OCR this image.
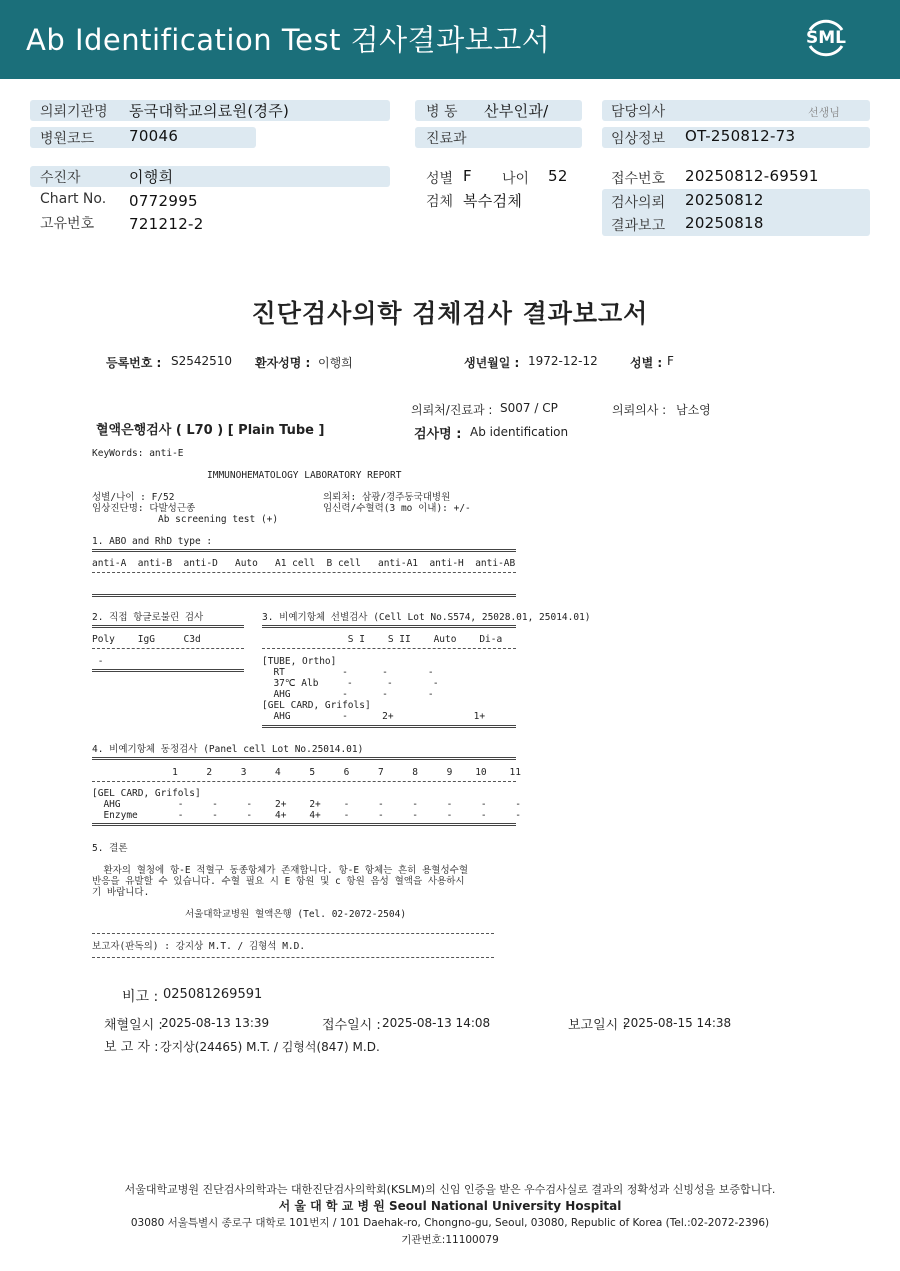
Ab Identification Test 검사결과보고서	SML
의뢰기관명 동국대학교의료원(경주)
병원코드 70046
병 동 산부인과/
진료과
담당의사	선생님
임상정보 OT-250812-73
수진자	이행희
Chart No. 0772995
고유번호 721212-2
성별 F 나이 52
검체 복수검체
접수번호 20250812-69591
검사의뢰 20250812
결과보고 20250818
진단검사의학 검체검사 결과보고서
등록번호 : S2542510 환자성명 : 이행희	생년월일 : 1972-12-12	성별 : F
의뢰처/진료과 : S007 / CP	의뢰의사 : 남소영
혈액은행검사 ( L70 ) [ Plain Tube ]	검사명 : Ab identification
KeyWords: anti-E
IMMUNOHEMATOLOGY LABORATORY REPORT
성별/나이 : F/52	의뢰처: 삼광/경주동국대병원
임상진단명: 다발성근종	임신력/수혈력(3 mo 이내): +/-
Ab screening test (+)
1. ABO and RhD type :
anti-A  anti-B  anti-D   Auto   A1 cell  B cell   anti-A1  anti-H  anti-AB
2. 직접 항글로불린 검사
Poly    IgG     C3d
-
3. 비예기항체 선별검사 (Cell Lot No.S574, 25028.01, 25014.01)
S I    S II    Auto    Di-a
[TUBE, Ortho]
RT          -      -       -
37℃ Alb     -      -       -
AHG         -      -       -
[GEL CARD, Grifols]
AHG         -      2+              1+
4. 비예기항체 동정검사 (Panel cell Lot No.25014.01)
1     2     3     4     5     6     7     8     9    10    11
[GEL CARD, Grifols]
AHG          -     -     -    2+    2+    -     -     -     -     -     -
Enzyme       -     -     -    4+    4+    -     -     -     -     -     -
5. 결론
환자의 혈청에 항-E 적혈구 동종항체가 존재합니다. 항-E 항체는 흔히 용혈성수혈
반응을 유발할 수 있습니다. 수혈 필요 시 E 항원 및 c 항원 음성 혈액을 사용하시
기 바랍니다.
서울대학교병원 혈액은행 (Tel. 02-2072-2504)
보고자(판독의) : 강지상 M.T. / 김형석 M.D.
비고 : 025081269591
채혈일시 :
2025-08-13 13:39	접수일시 : 2025-08-13 14:08	보고일시 :
2025-08-15 14:38
보 고 자 : 강지상(24465) M.T. / 김형석(847) M.D.
서울대학교병원 진단검사의학과는 대한진단검사의학회(KSLM)의 신임 인증을 받은 우수검사실로 결과의 정확성과 신빙성을 보증합니다.
서 울 대 학 교 병 원 Seoul National University Hospital
03080 서울특별시 종로구 대학로 101번지 / 101 Daehak-ro, Chongno-gu, Seoul, 03080, Republic of Korea (Tel.:02-2072-2396)
기관번호:11100079
